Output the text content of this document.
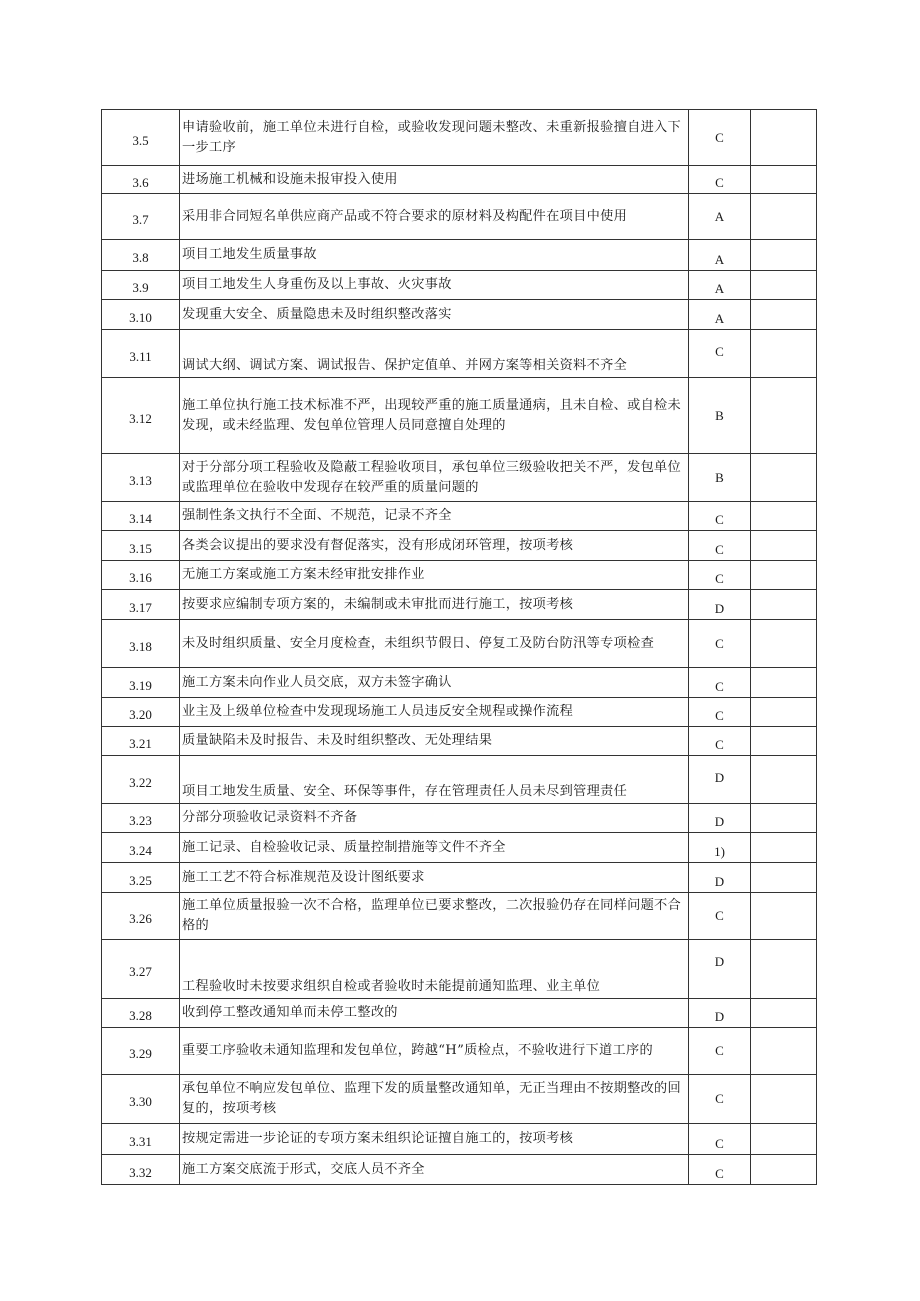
3.5	申请验收前，施工单位未进行自检，或验收发现问题未整改、未重新报验擅自进入下一步工序	C	
3.6	进场施工机械和设施未报审投入使用	C	
3.7	采用非合同短名单供应商产品或不符合要求的原材料及构配件在项目中使用	A	
3.8	项目工地发生质量事故	A	
3.9	项目工地发生人身重伤及以上事故、火灾事故	A	
3.10	发现重大安全、质量隐患未及时组织整改落实	A	
3.11	调试大纲、调试方案、调试报告、保护定值单、并网方案等相关资料不齐全	C	
3.12	施工单位执行施工技术标准不严，出现较严重的施工质量通病，且未自检、或自检未发现，或未经监理、发包单位管理人员同意擅自处理的	B	
3.13	对于分部分项工程验收及隐蔽工程验收项目，承包单位三级验收把关不严，发包单位或监理单位在验收中发现存在较严重的质量问题的	B	
3.14	强制性条文执行不全面、不规范，记录不齐全	C	
3.15	各类会议提出的要求没有督促落实，没有形成闭环管理，按项考核	C	
3.16	无施工方案或施工方案未经审批安排作业	C	
3.17	按要求应编制专项方案的，未编制或未审批而进行施工，按项考核	D	
3.18	未及时组织质量、安全月度检查，未组织节假日、停复工及防台防汛等专项检查	C	
3.19	施工方案未向作业人员交底，双方未签字确认	C	
3.20	业主及上级单位检查中发现现场施工人员违反安全规程或操作流程	C	
3.21	质量缺陷未及时报告、未及时组织整改、无处理结果	C	
3.22	项目工地发生质量、安全、环保等事件，存在管理责任人员未尽到管理责任	D	
3.23	分部分项验收记录资料不齐备	D	
3.24	施工记录、自检验收记录、质量控制措施等文件不齐全	1)	
3.25	施工工艺不符合标准规范及设计图纸要求	D	
3.26	施工单位质量报验一次不合格，监理单位已要求整改，二次报验仍存在同样问题不合格的	C	
3.27	工程验收时未按要求组织自检或者验收时未能提前通知监理、业主单位	D	
3.28	收到停工整改通知单而未停工整改的	D	
3.29	重要工序验收未通知监理和发包单位，跨越“H”质检点，不验收进行下道工序的	C	
3.30	承包单位不响应发包单位、监理下发的质量整改通知单，无正当理由不按期整改的回复的，按项考核	C	
3.31	按规定需进一步论证的专项方案未组织论证擅自施工的，按项考核	C	
3.32	施工方案交底流于形式，交底人员不齐全	C	
